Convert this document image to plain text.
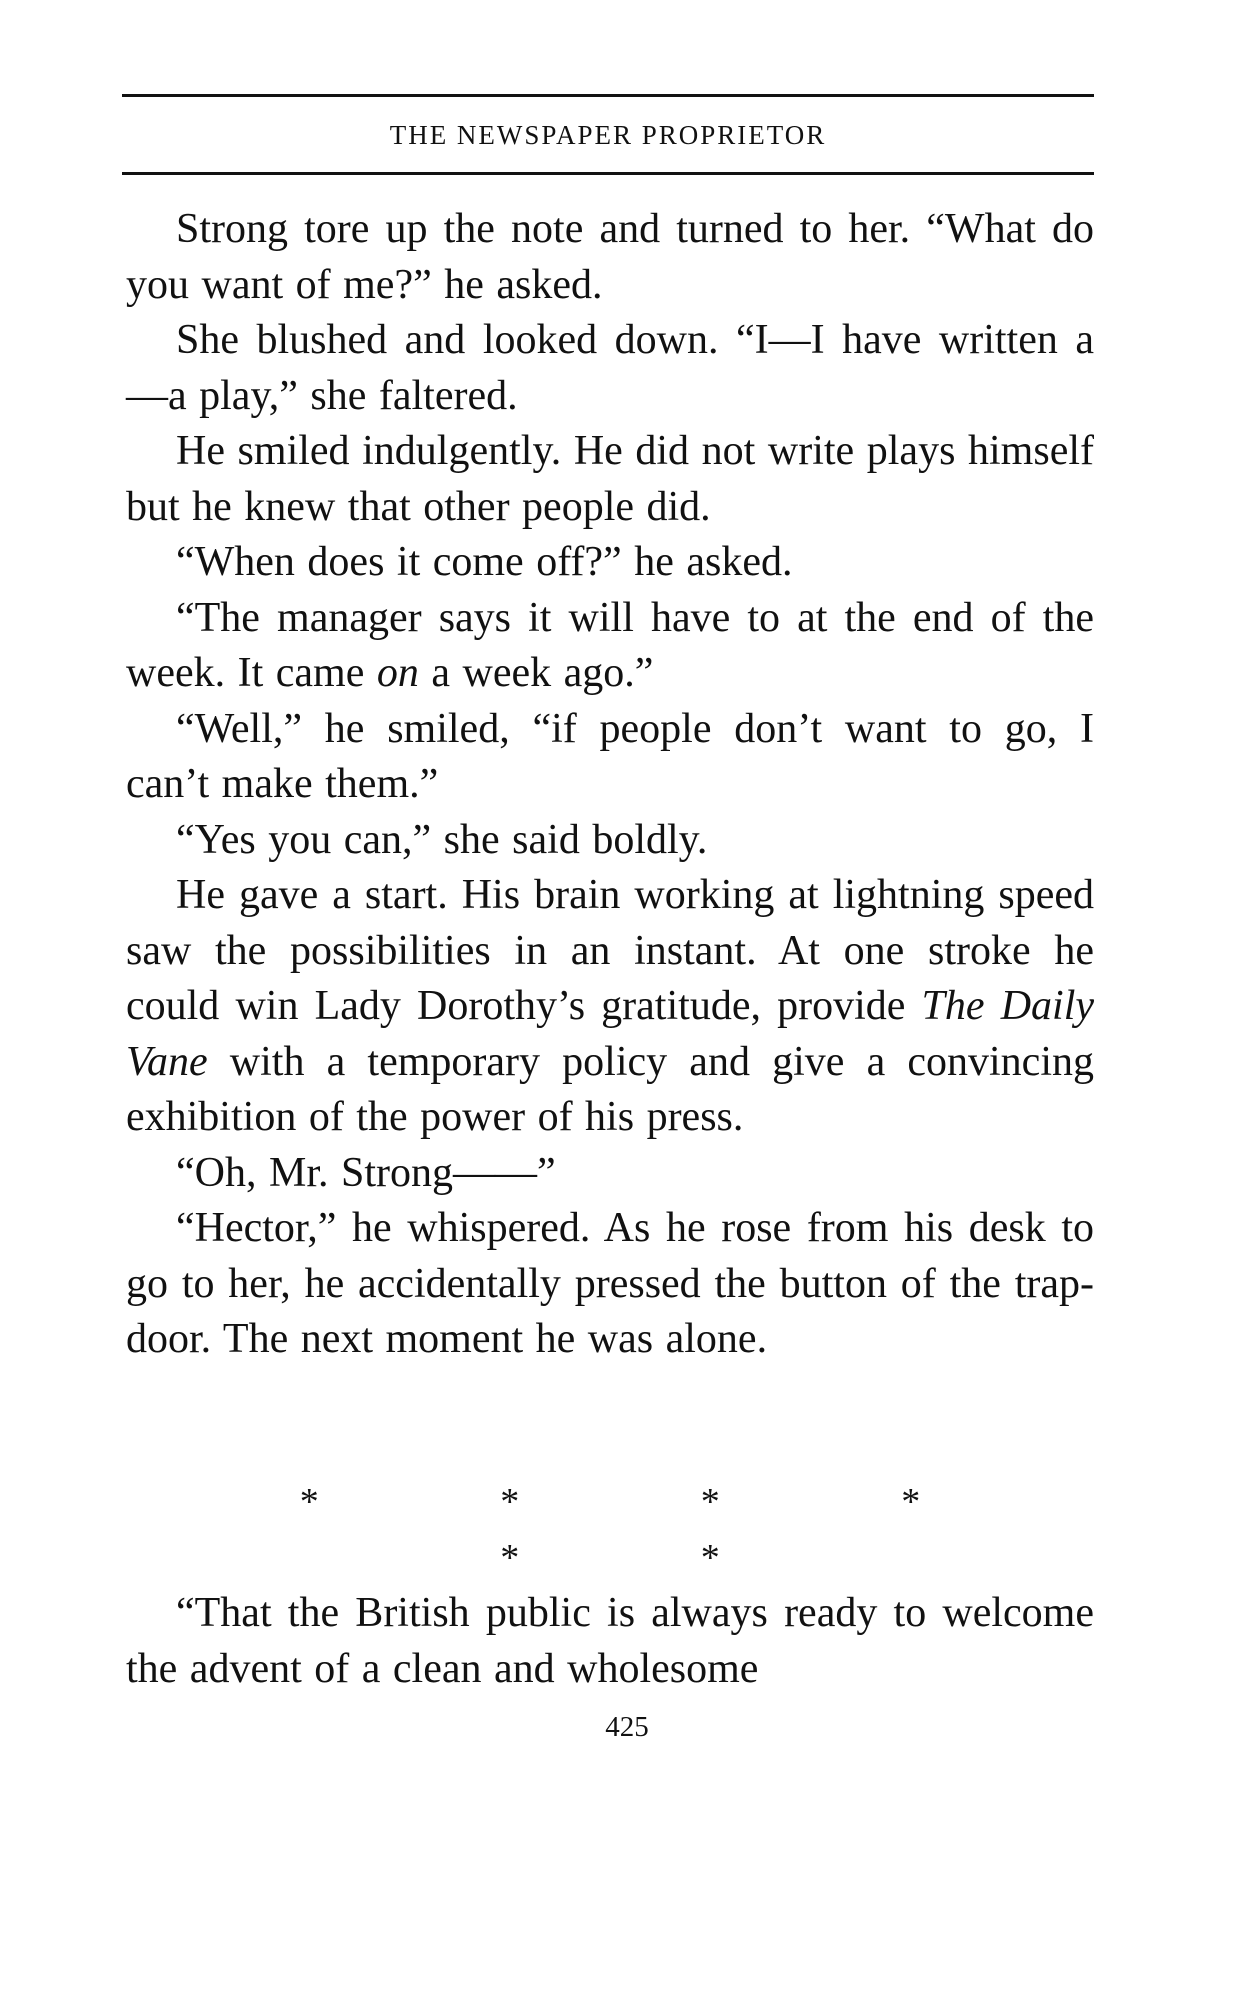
THE NEWSPAPER PROPRIETOR

Strong tore up the note and turned to her. “What do you want of me?” he asked.

She blushed and looked down. “I—I have written a—a play,” she faltered.

He smiled indulgently. He did not write plays himself but he knew that other people did.

“When does it come off?” he asked.

“The manager says it will have to at the end of the week. It came on a week ago.”

“Well,” he smiled, “if people don’t want to go, I can’t make them.”

“Yes you can,” she said boldly.

He gave a start. His brain working at lightning speed saw the possibilities in an instant. At one stroke he could win Lady Dorothy’s gratitude, provide The Daily Vane with a temporary policy and give a convincing exhibition of the power of his press.

“Oh, Mr. Strong——”

“Hector,” he whispered. As he rose from his desk to go to her, he accidentally pressed the button of the trap-door. The next moment he was alone.

* * * * * *

“That the British public is always ready to welcome the advent of a clean and wholesome

425
